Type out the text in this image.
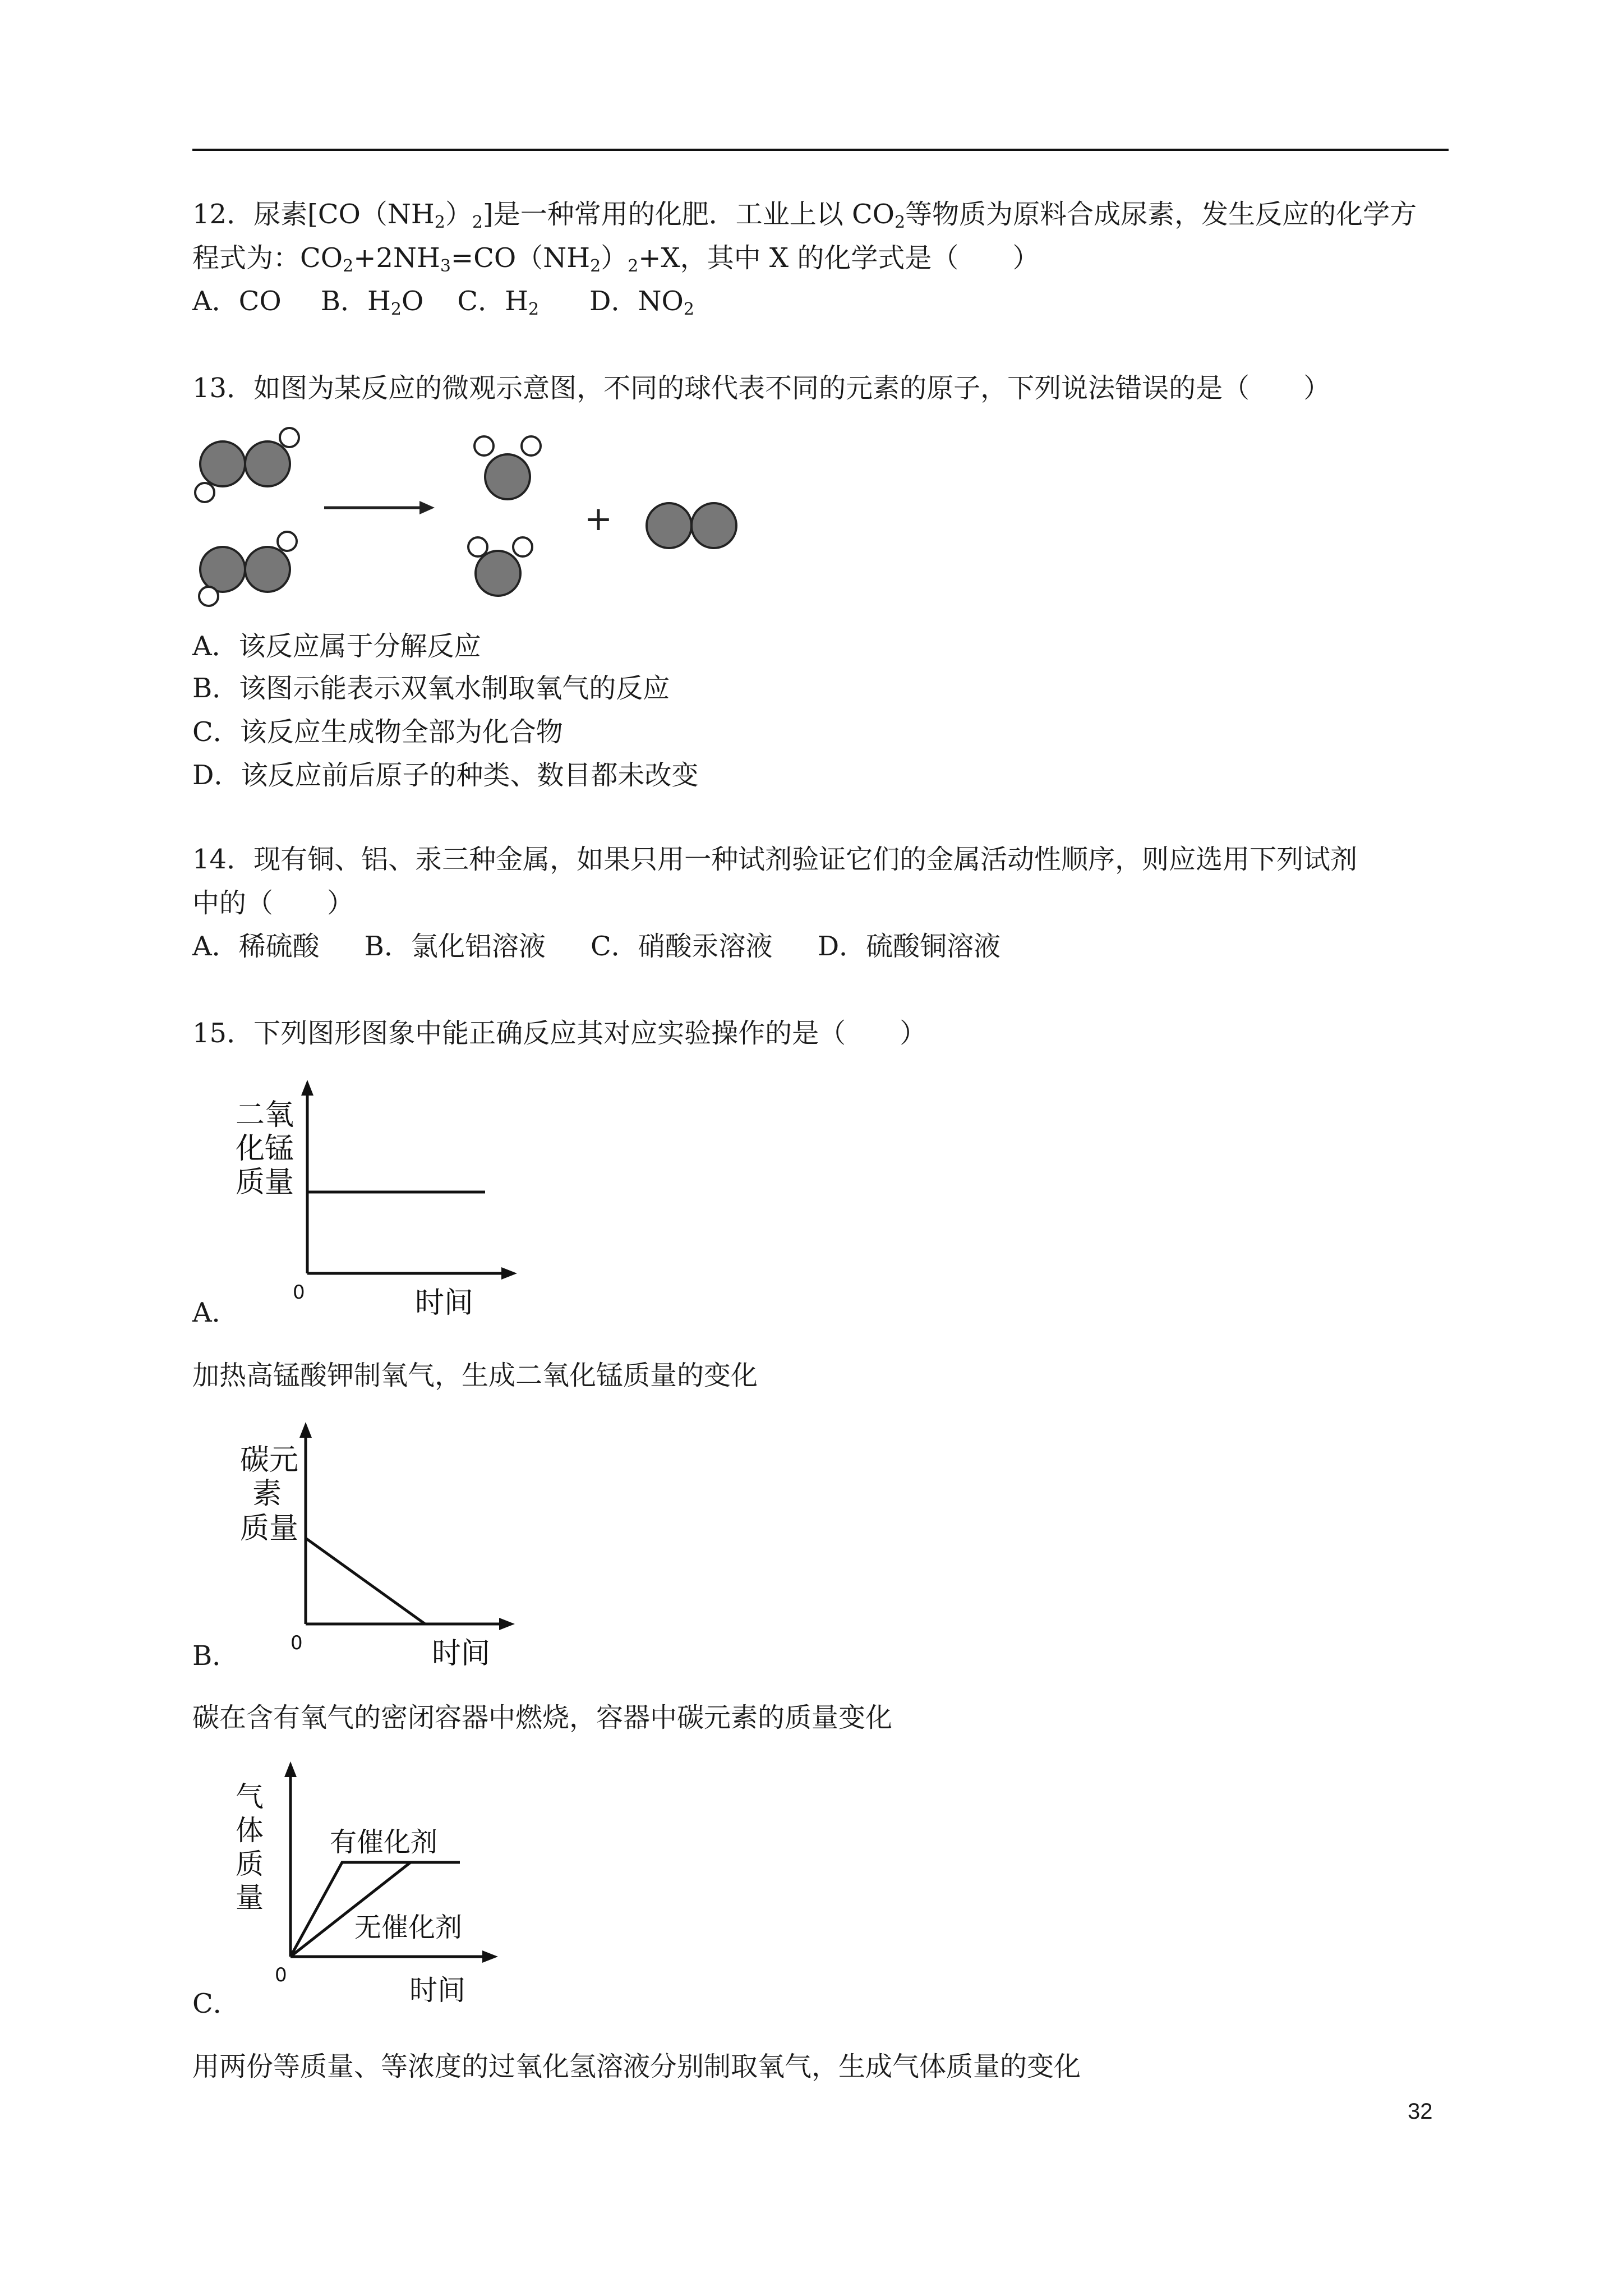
12．尿素$[CO(NH_2)_2]$是一种常用的化肥．工业上以 $CO_2$等物质为原料合成尿素，发生反应的化学方
程式为：$CO_2+2NH_3=CO(NH_2)_2+X$，其中 X 的化学式是（　　）
A．CO B．$H_2O$ C．$H_2$ D．$NO_2$
13．如图为某反应的微观示意图，不同的球代表不同的元素的原子，下列说法错误的是（　　）
+
A．该反应属于分解反应
B．该图示能表示双氧水制取氧气的反应
C．该反应生成物全部为化合物
D．该反应前后原子的种类、数目都未改变
14．现有铜、铝、汞三种金属，如果只用一种试剂验证它们的金属活动性顺序，则应选用下列试剂
中的（　　）
A．稀硫酸 B．氯化铝溶液 C．硝酸汞溶液 D．硫酸铜溶液
15．下列图形图象中能正确反应其对应实验操作的是（　　）
二氧
化锰
质量
0	时间
A．
加热高锰酸钾制氧气，生成二氧化锰质量的变化
碳元
素
质量
0	时间
B．
碳在含有氧气的密闭容器中燃烧，容器中碳元素的质量变化
气
体
质
量
有催化剂
无催化剂
0	时间
C．
用两份等质量、等浓度的过氧化氢溶液分别制取氧气，生成气体质量的变化
32
